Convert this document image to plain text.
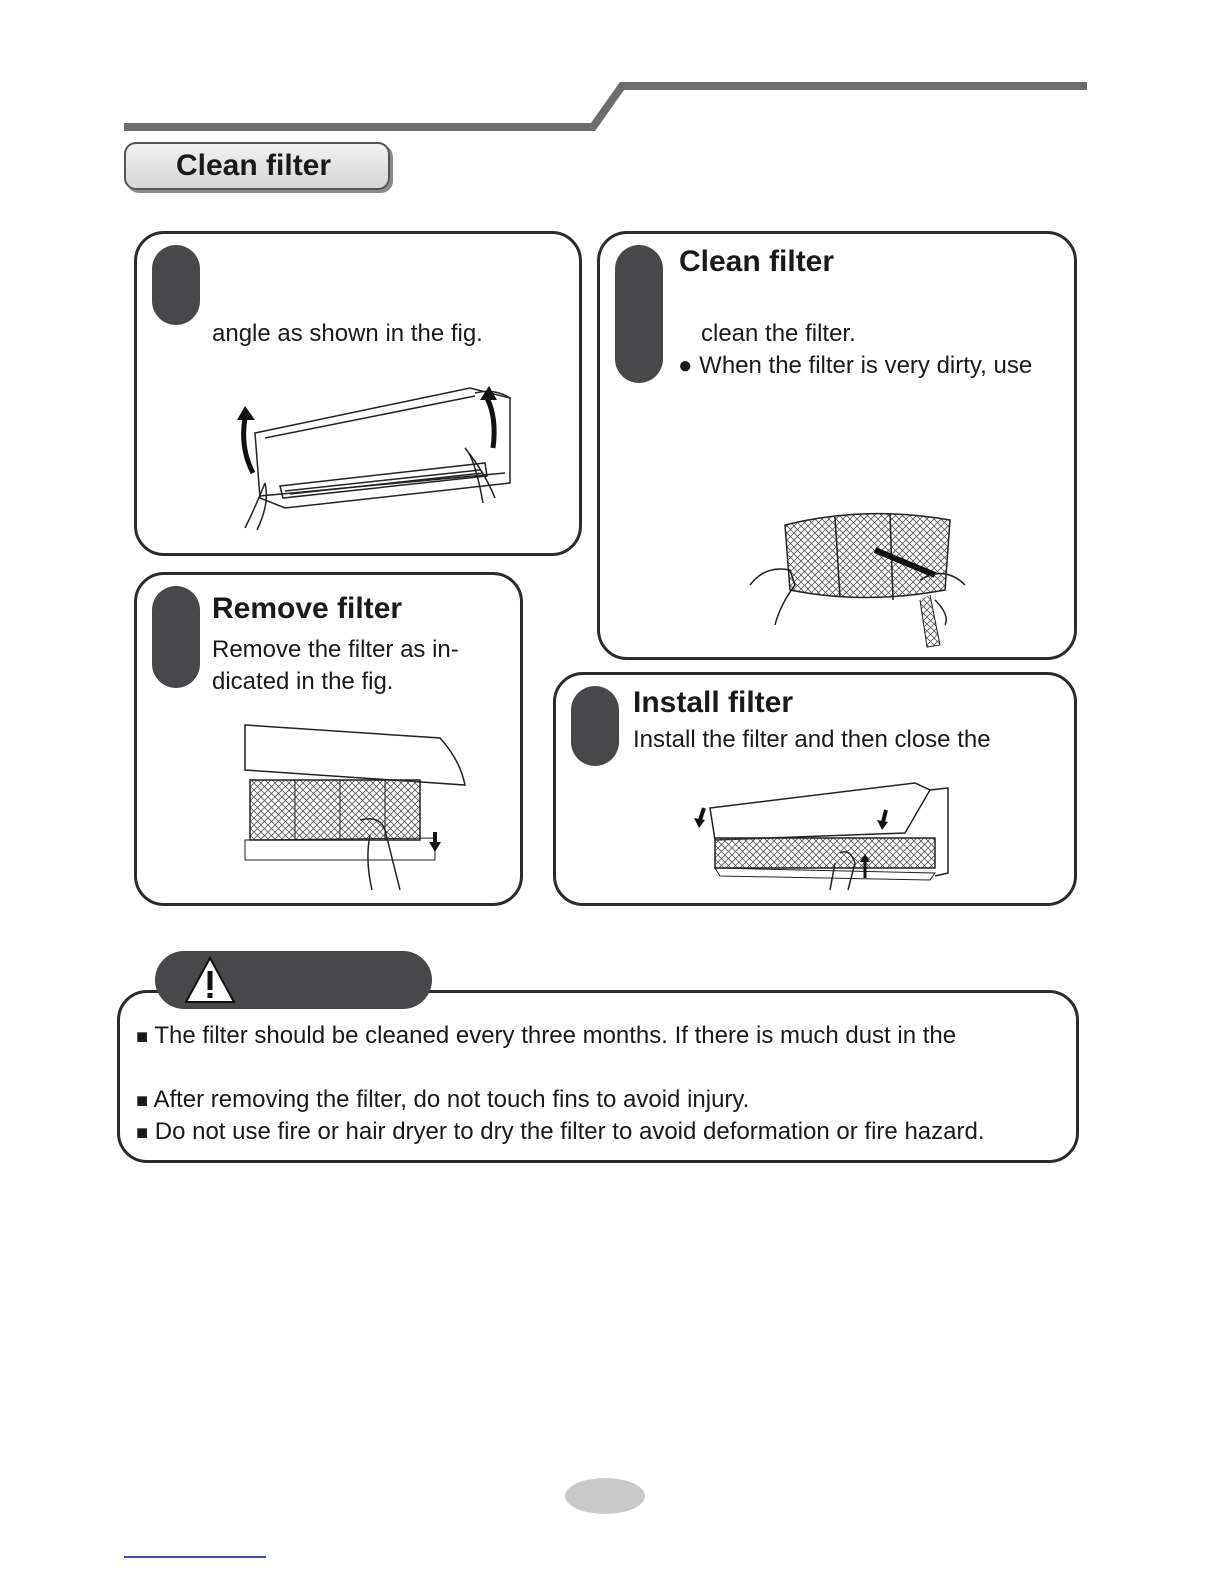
Clean filter
angle as shown in the fig.
Clean filter
clean the filter.
● When the filter is very dirty, use
Remove filter
Remove the filter as in-
dicated in the fig.
Install filter
Install the filter and then close the
■ The filter should be cleaned every three months. If there is much dust in the
■ After removing the filter, do not touch fins to avoid injury.
■ Do not use fire or hair dryer to dry the filter to avoid deformation or fire hazard.
